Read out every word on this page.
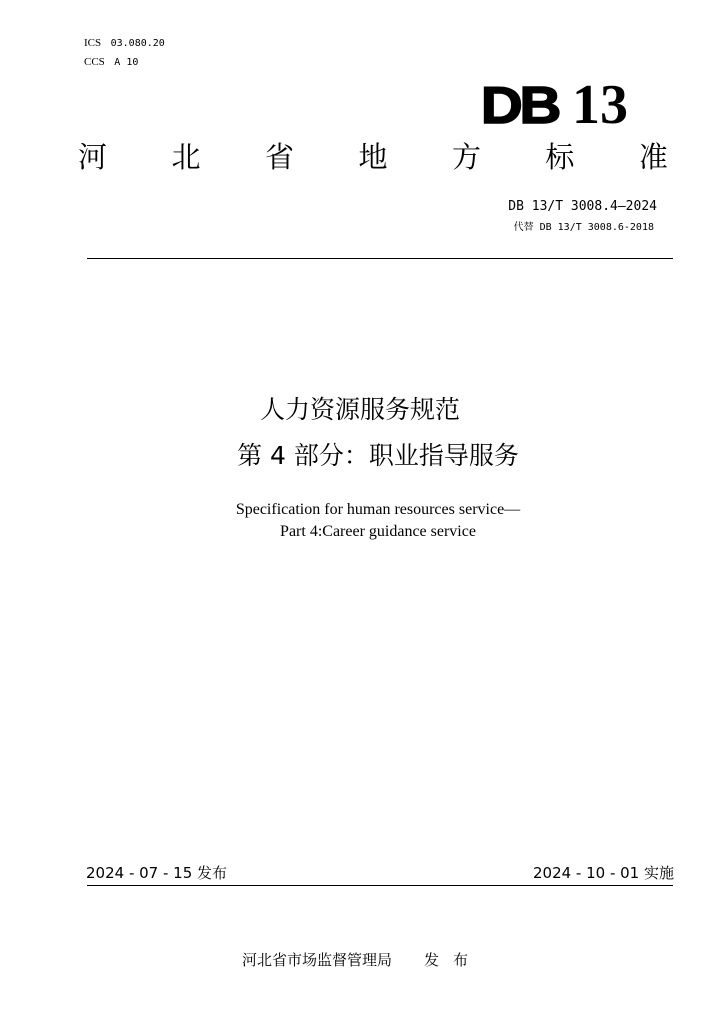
ICS 03.080.20
CCS A 10
DB 13
河 北 省 地 方 标 准
DB 13/T 3008.4—2024
代替 DB 13/T 3008.6-2018
人力资源服务规范
第 4 部分：职业指导服务
Specification for human resources service—
Part 4:Career guidance service
2024 - 07 - 15 发布	2024 - 10 - 01 实施
河北省市场监督管理局 发布
